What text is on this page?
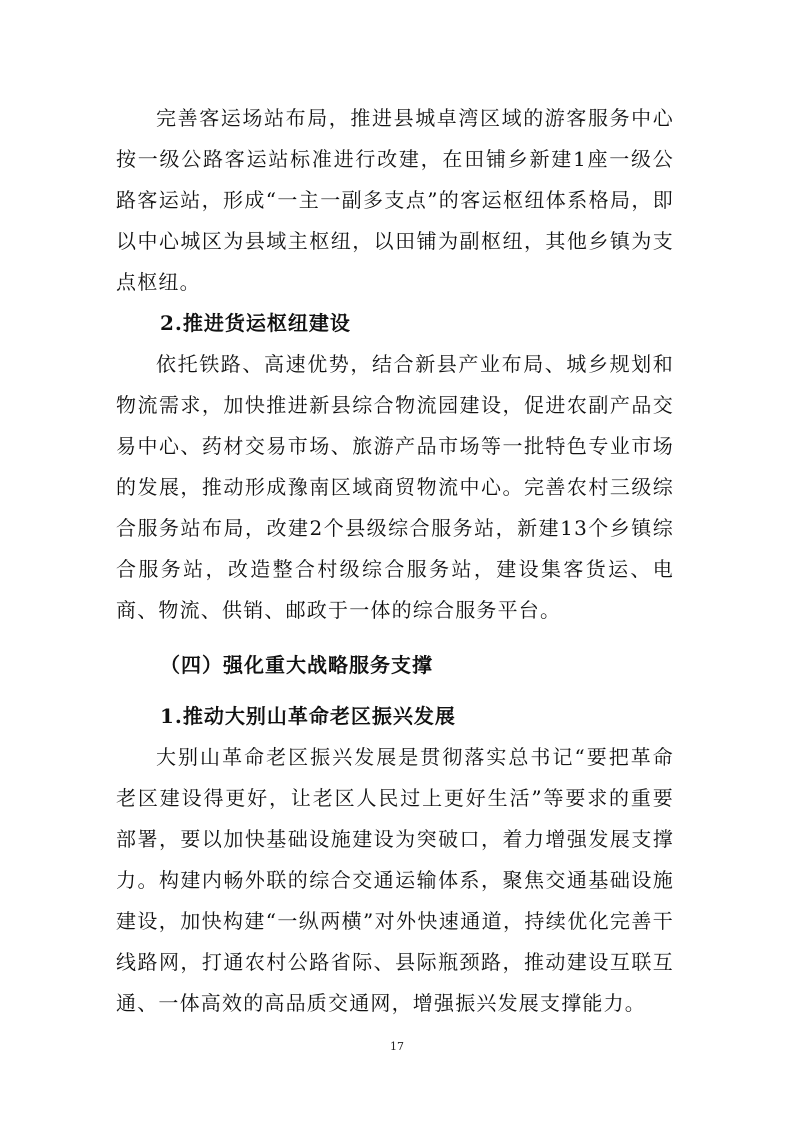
完善客运场站布局，推进县城卓湾区域的游客服务中心按一级公路客运站标准进行改建，在田铺乡新建1座一级公路客运站，形成“一主一副多支点”的客运枢纽体系格局，即以中心城区为县域主枢纽，以田铺为副枢纽，其他乡镇为支点枢纽。

2.推进货运枢纽建设

依托铁路、高速优势，结合新县产业布局、城乡规划和物流需求，加快推进新县综合物流园建设，促进农副产品交易中心、药材交易市场、旅游产品市场等一批特色专业市场的发展，推动形成豫南区域商贸物流中心。完善农村三级综合服务站布局，改建2个县级综合服务站，新建13个乡镇综合服务站，改造整合村级综合服务站，建设集客货运、电商、物流、供销、邮政于一体的综合服务平台。

（四）强化重大战略服务支撑
1.推动大别山革命老区振兴发展

大别山革命老区振兴发展是贯彻落实总书记“要把革命老区建设得更好，让老区人民过上更好生活”等要求的重要部署，要以加快基础设施建设为突破口，着力增强发展支撑力。构建内畅外联的综合交通运输体系，聚焦交通基础设施建设，加快构建“一纵两横”对外快速通道，持续优化完善干线路网，打通农村公路省际、县际瓶颈路，推动建设互联互通、一体高效的高品质交通网，增强振兴发展支撑能力。

17
